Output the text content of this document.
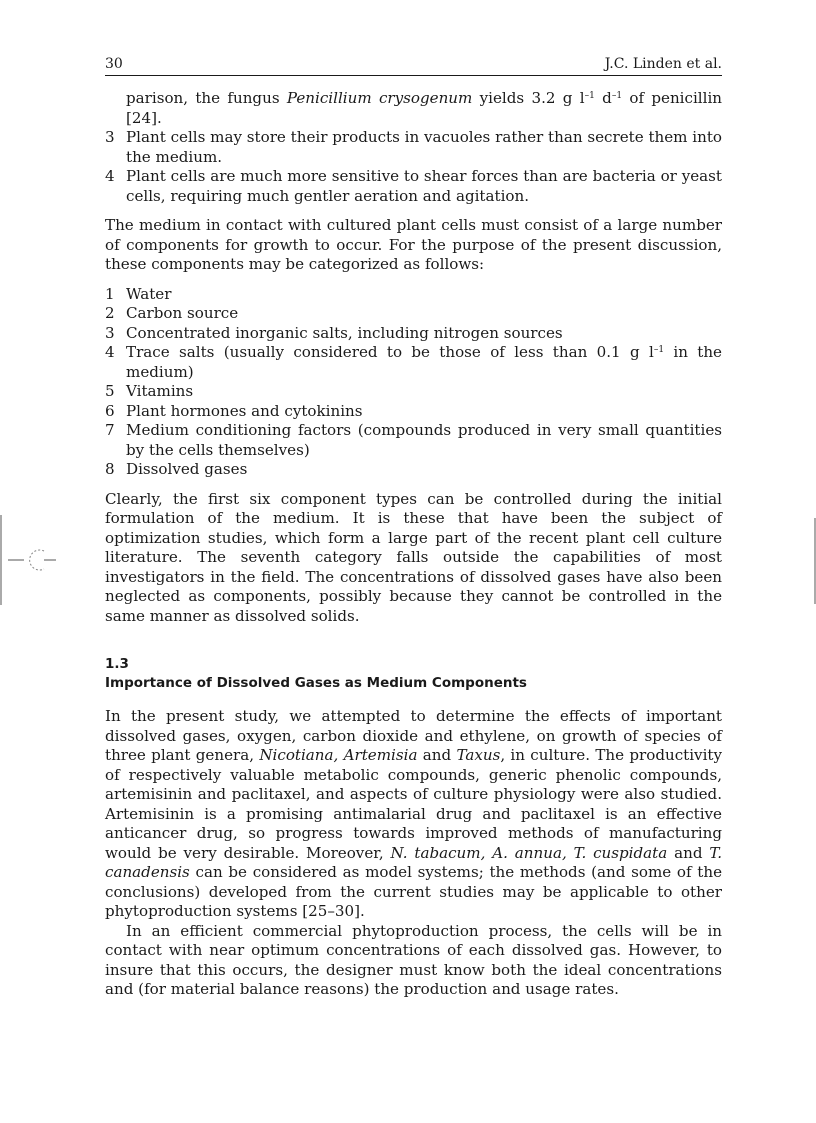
30	J.C. Linden et al.

parison, the fungus Penicillium crysogenum yields 3.2 g $l^{-1}$ $d^{-1}$ of penicillin [24].

3 Plant cells may store their products in vacuoles rather than secrete them into the medium.
4 Plant cells are much more sensitive to shear forces than are bacteria or yeast cells, requiring much gentler aeration and agitation.

The medium in contact with cultured plant cells must consist of a large number of components for growth to occur. For the purpose of the present discussion, these components may be categorized as follows:

1 Water
2 Carbon source
3 Concentrated inorganic salts, including nitrogen sources
4 Trace salts (usually considered to be those of less than 0.1 g $l^{-1}$ in the medium)
5 Vitamins
6 Plant hormones and cytokinins
7 Medium conditioning factors (compounds produced in very small quantities by the cells themselves)
8 Dissolved gases

Clearly, the first six component types can be controlled during the initial formulation of the medium. It is these that have been the subject of optimization studies, which form a large part of the recent plant cell culture literature. The seventh category falls outside the capabilities of most investigators in the field. The concentrations of dissolved gases have also been neglected as components, possibly because they cannot be controlled in the same manner as dissolved solids.

1.3
Importance of Dissolved Gases as Medium Components

In the present study, we attempted to determine the effects of important dissolved gases, oxygen, carbon dioxide and ethylene, on growth of species of three plant genera, Nicotiana, Artemisia and Taxus, in culture. The productivity of respectively valuable metabolic compounds, generic phenolic compounds, artemisinin and paclitaxel, and aspects of culture physiology were also studied. Artemisinin is a promising antimalarial drug and paclitaxel is an effective anticancer drug, so progress towards improved methods of manufacturing would be very desirable. Moreover, N. tabacum, A. annua, T. cuspidata and T. canadensis can be considered as model systems; the methods (and some of the conclusions) developed from the current studies may be applicable to other phytoproduction systems [25–30].

In an efficient commercial phytoproduction process, the cells will be in contact with near optimum concentrations of each dissolved gas. However, to insure that this occurs, the designer must know both the ideal concentrations and (for material balance reasons) the production and usage rates.
